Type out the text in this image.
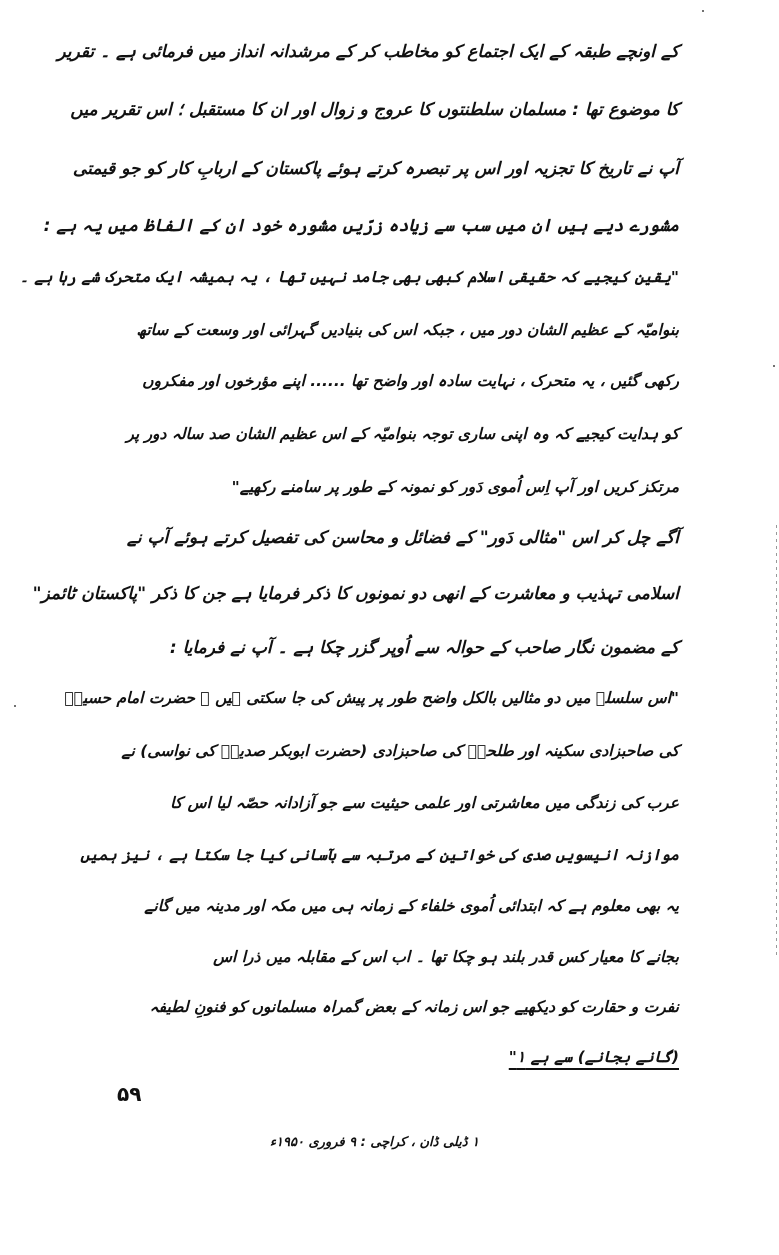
کے اونچے طبقہ کے ایک اجتماع کو مخاطب کر کے مرشدانہ انداز میں فرمائی ہے ۔ تقریر
کا موضوع تھا : مسلمان سلطنتوں کا عروج و زوال اور ان کا مستقبل ؛ اس تقریر میں
آپ نے تاریخ کا تجزیہ اور اس پر تبصرہ کرتے ہوئے پاکستان کے اربابِ کار کو جو قیمتی
مشورے دیے ہیں ان میں سب سے زیادہ زرّیں مشورہ خود ان کے الفاظ میں یہ ہے :
"یقین کیجیے کہ حقیقی اسلام کبھی بھی جامد نہیں تھا ، یہ ہمیشہ ایک متحرک شے رہا ہے ۔
بنوامیّہ کے عظیم الشان دور میں ، جبکہ اس کی بنیادیں گہرائی اور وسعت کے ساتھ
رکھی گئیں ، یہ متحرک ، نہایت سادہ اور واضح تھا ...... اپنے مؤرخوں اور مفکروں
کو ہدایت کیجیے کہ وہ اپنی ساری توجہ بنوامیّہ کے اس عظیم الشان صد سالہ دور پر
مرتکز کریں اور آپ اِس اُموی دَور کو نمونہ کے طور پر سامنے رکھیے"
آگے چل کر اس "مثالی دَور" کے فضائل و محاسن کی تفصیل کرتے ہوئے آپ نے
اسلامی تہذیب و معاشرت کے انھی دو نمونوں کا ذکر فرمایا ہے جن کا ذکر "پاکستان ٹائمز"
کے مضمون نگار صاحب کے حوالہ سے اُوپر گزر چکا ہے ۔ آپ نے فرمایا :
"اس سلسلہ میں دو مثالیں بالکل واضح طور پر پیش کی جا سکتی ہیں ۔ حضرت امام حسینؓ
کی صاحبزادی سکینہ اور طلحہؓ کی صاحبزادی (حضرت ابوبکر صدیقؓ کی نواسی) نے
عرب کی زندگی میں معاشرتی اور علمی حیثیت سے جو آزادانہ حصّہ لیا اس کا
موازنہ انیسویں صدی کی خواتین کے مرتبہ سے بآسانی کیا جا سکتا ہے ، نیز ہمیں
یہ بھی معلوم ہے کہ ابتدائی اُموی خلفاء کے زمانہ ہی میں مکہ اور مدینہ میں گانے
بجانے کا معیار کس قدر بلند ہو چکا تھا ۔ اب اس کے مقابلہ میں ذرا اس
نفرت و حقارت کو دیکھیے جو اس زمانہ کے بعض گمراہ مسلمانوں کو فنونِ لطیفہ
(گانے بجانے) سے ہے ۱"
۱ ڈیلی ڈان ، کراچی : ۹ فروری ۱۹۵۰ء
۵۹
